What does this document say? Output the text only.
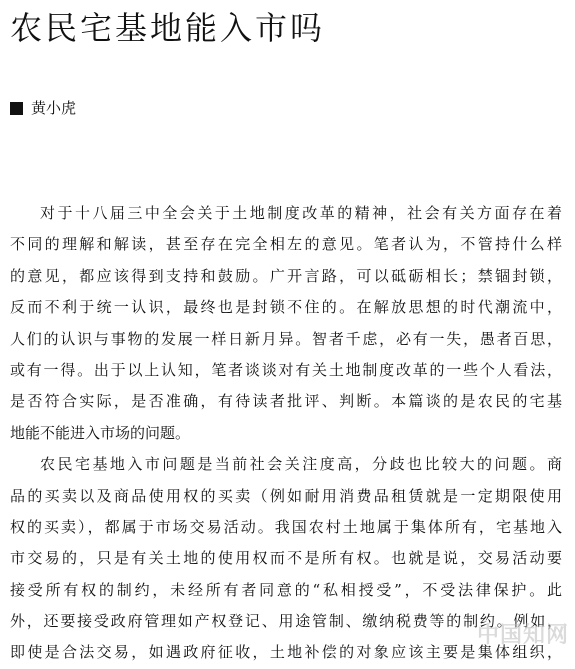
农民宅基地能入市吗
黄小虎
对于十八届三中全会关于土地制度改革的精神，社会有关方面存在着
不同的理解和解读，甚至存在完全相左的意见。笔者认为，不管持什么样
的意见，都应该得到支持和鼓励。广开言路，可以砥砺相长；禁锢封锁，
反而不利于统一认识，最终也是封锁不住的。在解放思想的时代潮流中，
人们的认识与事物的发展一样日新月异。智者千虑，必有一失，愚者百思，
或有一得。出于以上认知，笔者谈谈对有关土地制度改革的一些个人看法，
是否符合实际，是否准确，有待读者批评、判断。本篇谈的是农民的宅基
地能不能进入市场的问题。
农民宅基地入市问题是当前社会关注度高，分歧也比较大的问题。商
品的买卖以及商品使用权的买卖（例如耐用消费品租赁就是一定期限使用
权的买卖），都属于市场交易活动。我国农村土地属于集体所有，宅基地入
市交易的，只是有关土地的使用权而不是所有权。也就是说，交易活动要
接受所有权的制约，未经所有者同意的“私相授受”，不受法律保护。此
外，还要接受政府管理如产权登记、用途管制、缴纳税费等的制约。例如，
即使是合法交易，如遇政府征收，土地补偿的对象应该主要是集体组织，
中国知网
